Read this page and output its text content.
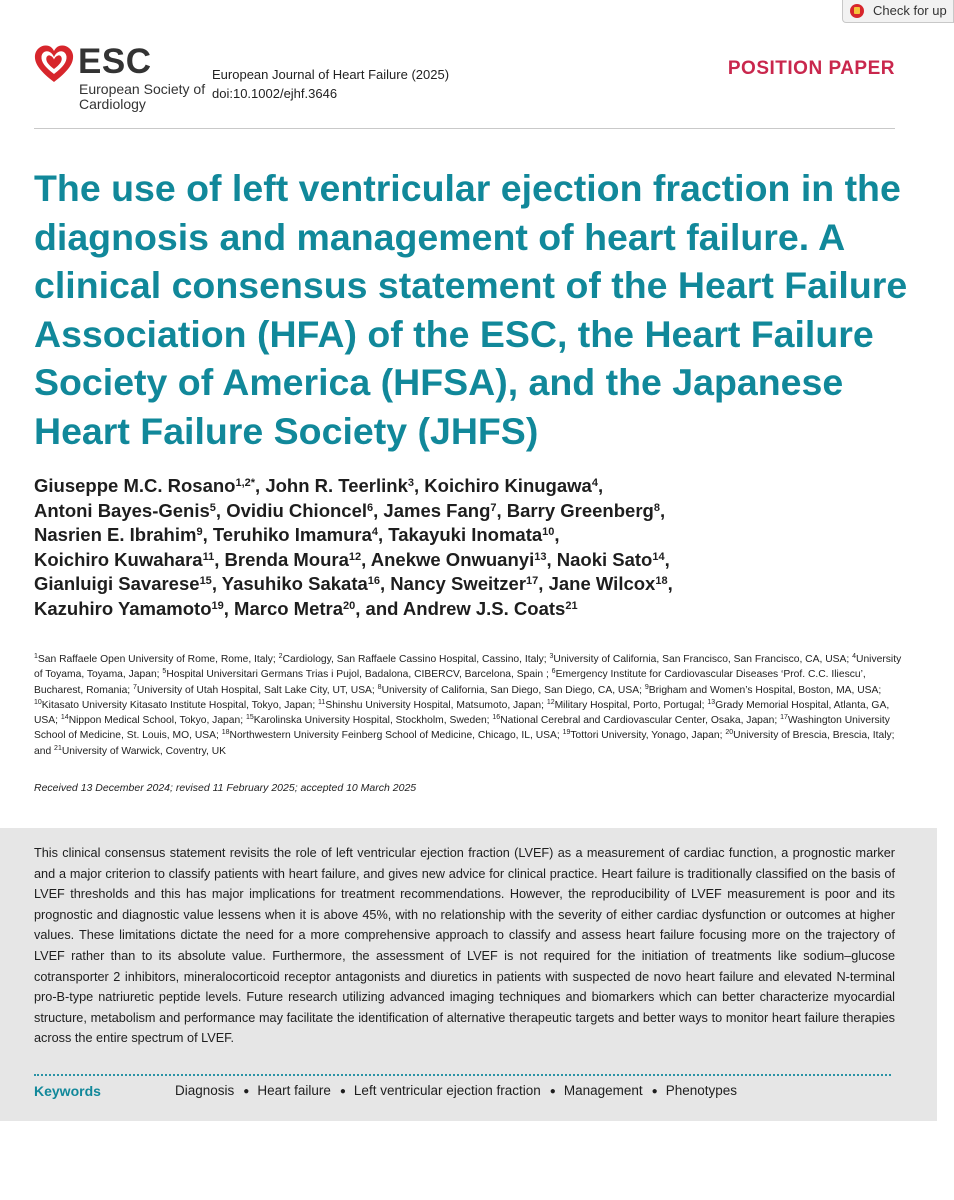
Check for up
ESC
European Society of Cardiology
European Journal of Heart Failure (2025)
doi:10.1002/ejhf.3646
POSITION PAPER
The use of left ventricular ejection fraction in the diagnosis and management of heart failure. A clinical consensus statement of the Heart Failure Association (HFA) of the ESC, the Heart Failure Society of America (HFSA), and the Japanese Heart Failure Society (JHFS)
Giuseppe M.C. Rosano$^{1,2*}$, John R. Teerlink$^3$, Koichiro Kinugawa$^4$,
Antoni Bayes-Genis$^5$, Ovidiu Chioncel$^6$, James Fang$^7$, Barry Greenberg$^8$,
Nasrien E. Ibrahim$^9$, Teruhiko Imamura$^4$, Takayuki Inomata$^{10}$,
Koichiro Kuwahara$^{11}$, Brenda Moura$^{12}$, Anekwe Onwuanyi$^{13}$, Naoki Sato$^{14}$,
Gianluigi Savarese$^{15}$, Yasuhiko Sakata$^{16}$, Nancy Sweitzer$^{17}$, Jane Wilcox$^{18}$,
Kazuhiro Yamamoto$^{19}$, Marco Metra$^{20}$, and Andrew J.S. Coats$^{21}$
$^1$San Raffaele Open University of Rome, Rome, Italy; $^2$Cardiology, San Raffaele Cassino Hospital, Cassino, Italy; $^3$University of California, San Francisco, San Francisco, CA, USA; $^4$University of Toyama, Toyama, Japan; $^5$Hospital Universitari Germans Trias i Pujol, Badalona, CIBERCV, Barcelona, Spain ; $^6$Emergency Institute for Cardiovascular Diseases ‘Prof. C.C. Iliescu’, Bucharest, Romania; $^7$University of Utah Hospital, Salt Lake City, UT, USA; $^8$University of California, San Diego, San Diego, CA, USA; $^9$Brigham and Women’s Hospital, Boston, MA, USA; $^{10}$Kitasato University Kitasato Institute Hospital, Tokyo, Japan; $^{11}$Shinshu University Hospital, Matsumoto, Japan; $^{12}$Military Hospital, Porto, Portugal; $^{13}$Grady Memorial Hospital, Atlanta, GA, USA; $^{14}$Nippon Medical School, Tokyo, Japan; $^{15}$Karolinska University Hospital, Stockholm, Sweden; $^{16}$National Cerebral and Cardiovascular Center, Osaka, Japan; $^{17}$Washington University School of Medicine, St. Louis, MO, USA; $^{18}$Northwestern University Feinberg School of Medicine, Chicago, IL, USA; $^{19}$Tottori University, Yonago, Japan; $^{20}$University of Brescia, Brescia, Italy; and $^{21}$University of Warwick, Coventry, UK
Received 13 December 2024; revised 11 February 2025; accepted 10 March 2025

This clinical consensus statement revisits the role of left ventricular ejection fraction (LVEF) as a measurement of cardiac function, a prognostic marker and a major criterion to classify patients with heart failure, and gives new advice for clinical practice. Heart failure is traditionally classified on the basis of LVEF thresholds and this has major implications for treatment recommendations. However, the reproducibility of LVEF measurement is poor and its prognostic and diagnostic value lessens when it is above 45%, with no relationship with the severity of either cardiac dysfunction or outcomes at higher values. These limitations dictate the need for a more comprehensive approach to classify and assess heart failure focusing more on the trajectory of LVEF rather than to its absolute value. Furthermore, the assessment of LVEF is not required for the initiation of treatments like sodium–glucose cotransporter 2 inhibitors, mineralocorticoid receptor antagonists and diuretics in patients with suspected de novo heart failure and elevated N-terminal pro-B-type natriuretic peptide levels. Future research utilizing advanced imaging techniques and biomarkers which can better characterize myocardial structure, metabolism and performance may facilitate the identification of alternative therapeutic targets and better ways to monitor heart failure therapies across the entire spectrum of LVEF.

Keywords	Diagnosis ● Heart failure ● Left ventricular ejection fraction ● Management ● Phenotypes
